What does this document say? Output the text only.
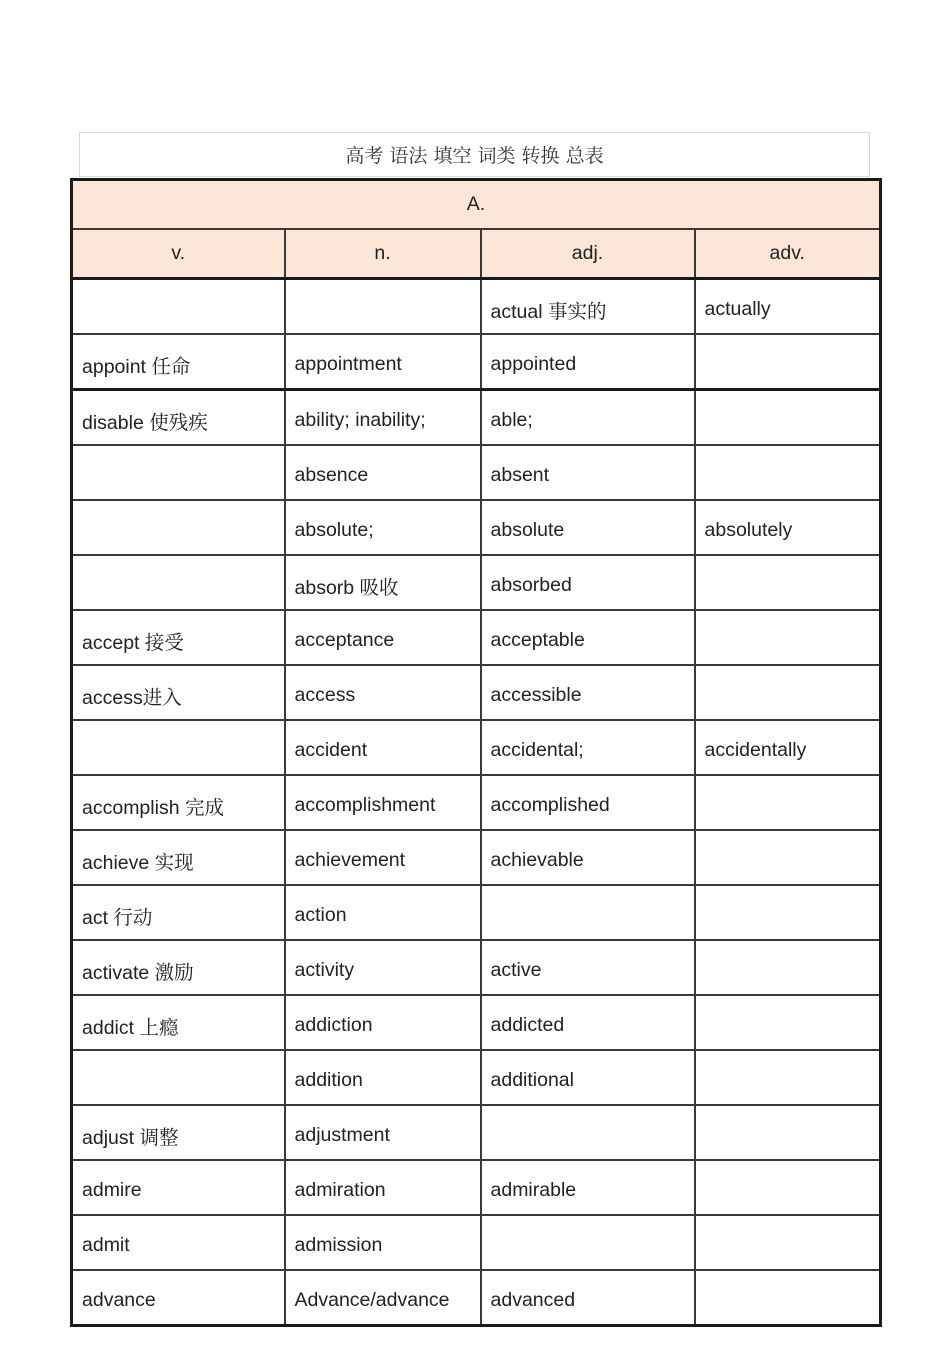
高考 语法 填空 词类 转换 总表
A.			
v.	n.	adj.	adv.
		actual 事实的	actually
appoint 任命	appointment	appointed	
disable 使残疾	ability; inability;	able;	
	absence	absent	
	absolute;	absolute	absolutely
	absorb 吸收	absorbed	
accept 接受	acceptance	acceptable	
access进入	access	accessible	
	accident	accidental;	accidentally
accomplish 完成	accomplishment	accomplished	
achieve 实现	achievement	achievable	
act 行动	action		
activate 激励	activity	active	
addict 上瘾	addiction	addicted	
	addition	additional	
adjust 调整	adjustment		
admire	admiration	admirable	
admit	admission		
advance	Advance/advance	advanced	
